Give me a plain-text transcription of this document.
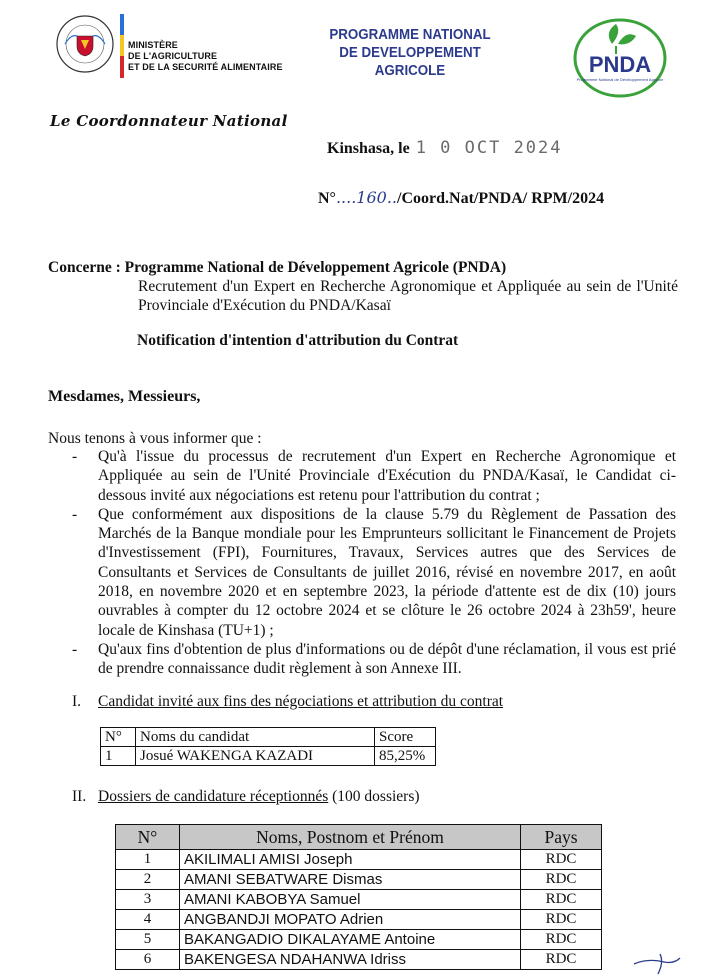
MINISTÈRE
DE L'AGRICULTURE
ET DE LA SECURITÉ ALIMENTAIRE
PROGRAMME NATIONAL
DE DEVELOPPEMENT
AGRICOLE	PNDA
Programme National de Développement Agricole
Le Coordonnateur National
Kinshasa, le 1 0 OCT 2024
N°....160../Coord.Nat/PNDA/ RPM/2024
Concerne : Programme National de Développement Agricole (PNDA)
Recrutement d'un Expert en Recherche Agronomique et Appliquée au sein de l'Unité Provinciale d'Exécution du PNDA/Kasaï
Notification d'intention d'attribution du Contrat
Mesdames, Messieurs,
Nous tenons à vous informer que :
- Qu'à l'issue du processus de recrutement d'un Expert en Recherche Agronomique et Appliquée au sein de l'Unité Provinciale d'Exécution du PNDA/Kasaï, le Candidat ci-dessous invité aux négociations est retenu pour l'attribution du contrat ;
- Que conformément aux dispositions de la clause 5.79 du Règlement de Passation des Marchés de la Banque mondiale pour les Emprunteurs sollicitant le Financement de Projets d'Investissement (FPI), Fournitures, Travaux, Services autres que des Services de Consultants et Services de Consultants de juillet 2016, révisé en novembre 2017, en août 2018, en novembre 2020 et en septembre 2023, la période d'attente est de dix (10) jours ouvrables à compter du 12 octobre 2024 et se clôture le 26 octobre 2024 à 23h59', heure locale de Kinshasa (TU+1) ;
- Qu'aux fins d'obtention de plus d'informations ou de dépôt d'une réclamation, il vous est prié de prendre connaissance dudit règlement à son Annexe III.
I. Candidat invité aux fins des négociations et attribution du contrat
N°	Noms du candidat	Score
1	Josué WAKENGA KAZADI	85,25%
II. Dossiers de candidature réceptionnés (100 dossiers)
N°	Noms, Postnom et Prénom	Pays
1	AKILIMALI AMISI Joseph	RDC
2	AMANI SEBATWARE Dismas	RDC
3	AMANI KABOBYA Samuel	RDC
4	ANGBANDJI MOPATO Adrien	RDC
5	BAKANGADIO DIKALAYAME Antoine	RDC
6	BAKENGESA NDAHANWA Idriss	RDC
